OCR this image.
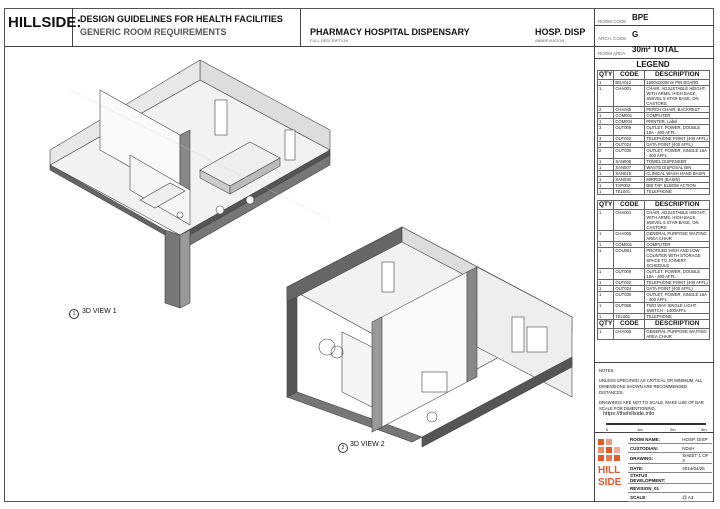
HILLSIDE:
DESIGN GUIDELINES FOR HEALTH FACILITIES
GENERIC ROOM REQUIREMENTS	PHARMACY HOSPITAL DISPENSARY
FULL DESCRIPTION
HOSP. DISP
ABBREVIATION
ROOM CODE BPE
ARCH. CODE G
ROOM AREA 30m² TOTAL
LEGEND
QTY	CODE	DESCRIPTION
1	BOA012	1500x1000mm PIN BOARD
1	CHA001	CHAIR, ADJUSTABLE HEIGHT, WITH ARMS, HIGH BACK, SWIVEL 5 STAR BASE, ON CASTORS
2	CHA045	PERCH CHAIR, BACKREST
1	COM001	COMPUTER
1	COM004	PRINTER, Label
3	OUT009	OUTLET, POWER, DOUBLE 16A - 400 AFFL
3	OUT022	TELEPHONE POINT (400 AFFL)
3	OUT024	DATA POINT (400 AFFL)
2	OUT030	OUTLET, POWER, SINGLE 16A - 400 AFFL
1	SAN006	TOWEL DISPENSER
1	SAN007	WASTE DISPOSAL BIN
1	SAN015	CLINICAL WASH HAND BASIN
1	SAN030	MIRROR (BASIN)
1	TAP002	BIB TAP, ELBOW ACTION
1	TEL001	TELEPHONE
QTY	CODE	DESCRIPTION
1	CHA001	CHAIR, ADJUSTABLE HEIGHT, WITH ARMS, HIGH BACK, SWIVEL 5 STAR BASE, ON CASTORS
1	CHA005	GENERAL PURPOSE WAITING AREA CHAIR
1	COM001	COMPUTER
1	COU001	PROFILED HIGH AND LOW COUNTER WITH STORAGE SPACE TO JOINERY SCHEDULE
1	OUT009	OUTLET, POWER, DOUBLE 16A - 400 AFFL
1	OUT022	TELEPHONE POINT (400 AFFL)
1	OUT024	DATA POINT (400 AFFL)
1	OUT030	OUTLET, POWER, SINGLE 16A - 400 AFFL
1	OUT058	TWO WAY SINGLE LIGHT SWITCH - 1400AFFL
1	TEL001	TELEPHONE
QTY	CODE	DESCRIPTION
1	CHA005	GENERAL PURPOSE WAITING AREA CHAIR
NOTES:
UNLESS SPECIFIED AS CRITICAL OR MINIMUM, ALL DIMENSIONS SHOWN ARE RECOMMENDED DISTANCES.
DRAWINGS ARE NOT TO SCALE, MAKE USE OF BAR SCALE FOR DIMENTIONING.
https://thehillside.info
0	1m	2m	3m
HILL
SIDE
ROOM NAME:	HOSP. DISP
CUSTODIAN:	NDoH
DRAWING:	SHEET 1 OF 3
DATE:	2014/04/25
STATUS DEVELOPMENT:	
REVISION_01	
SCALE:	@ A3
1 3D VIEW 1
2 3D VIEW 2
